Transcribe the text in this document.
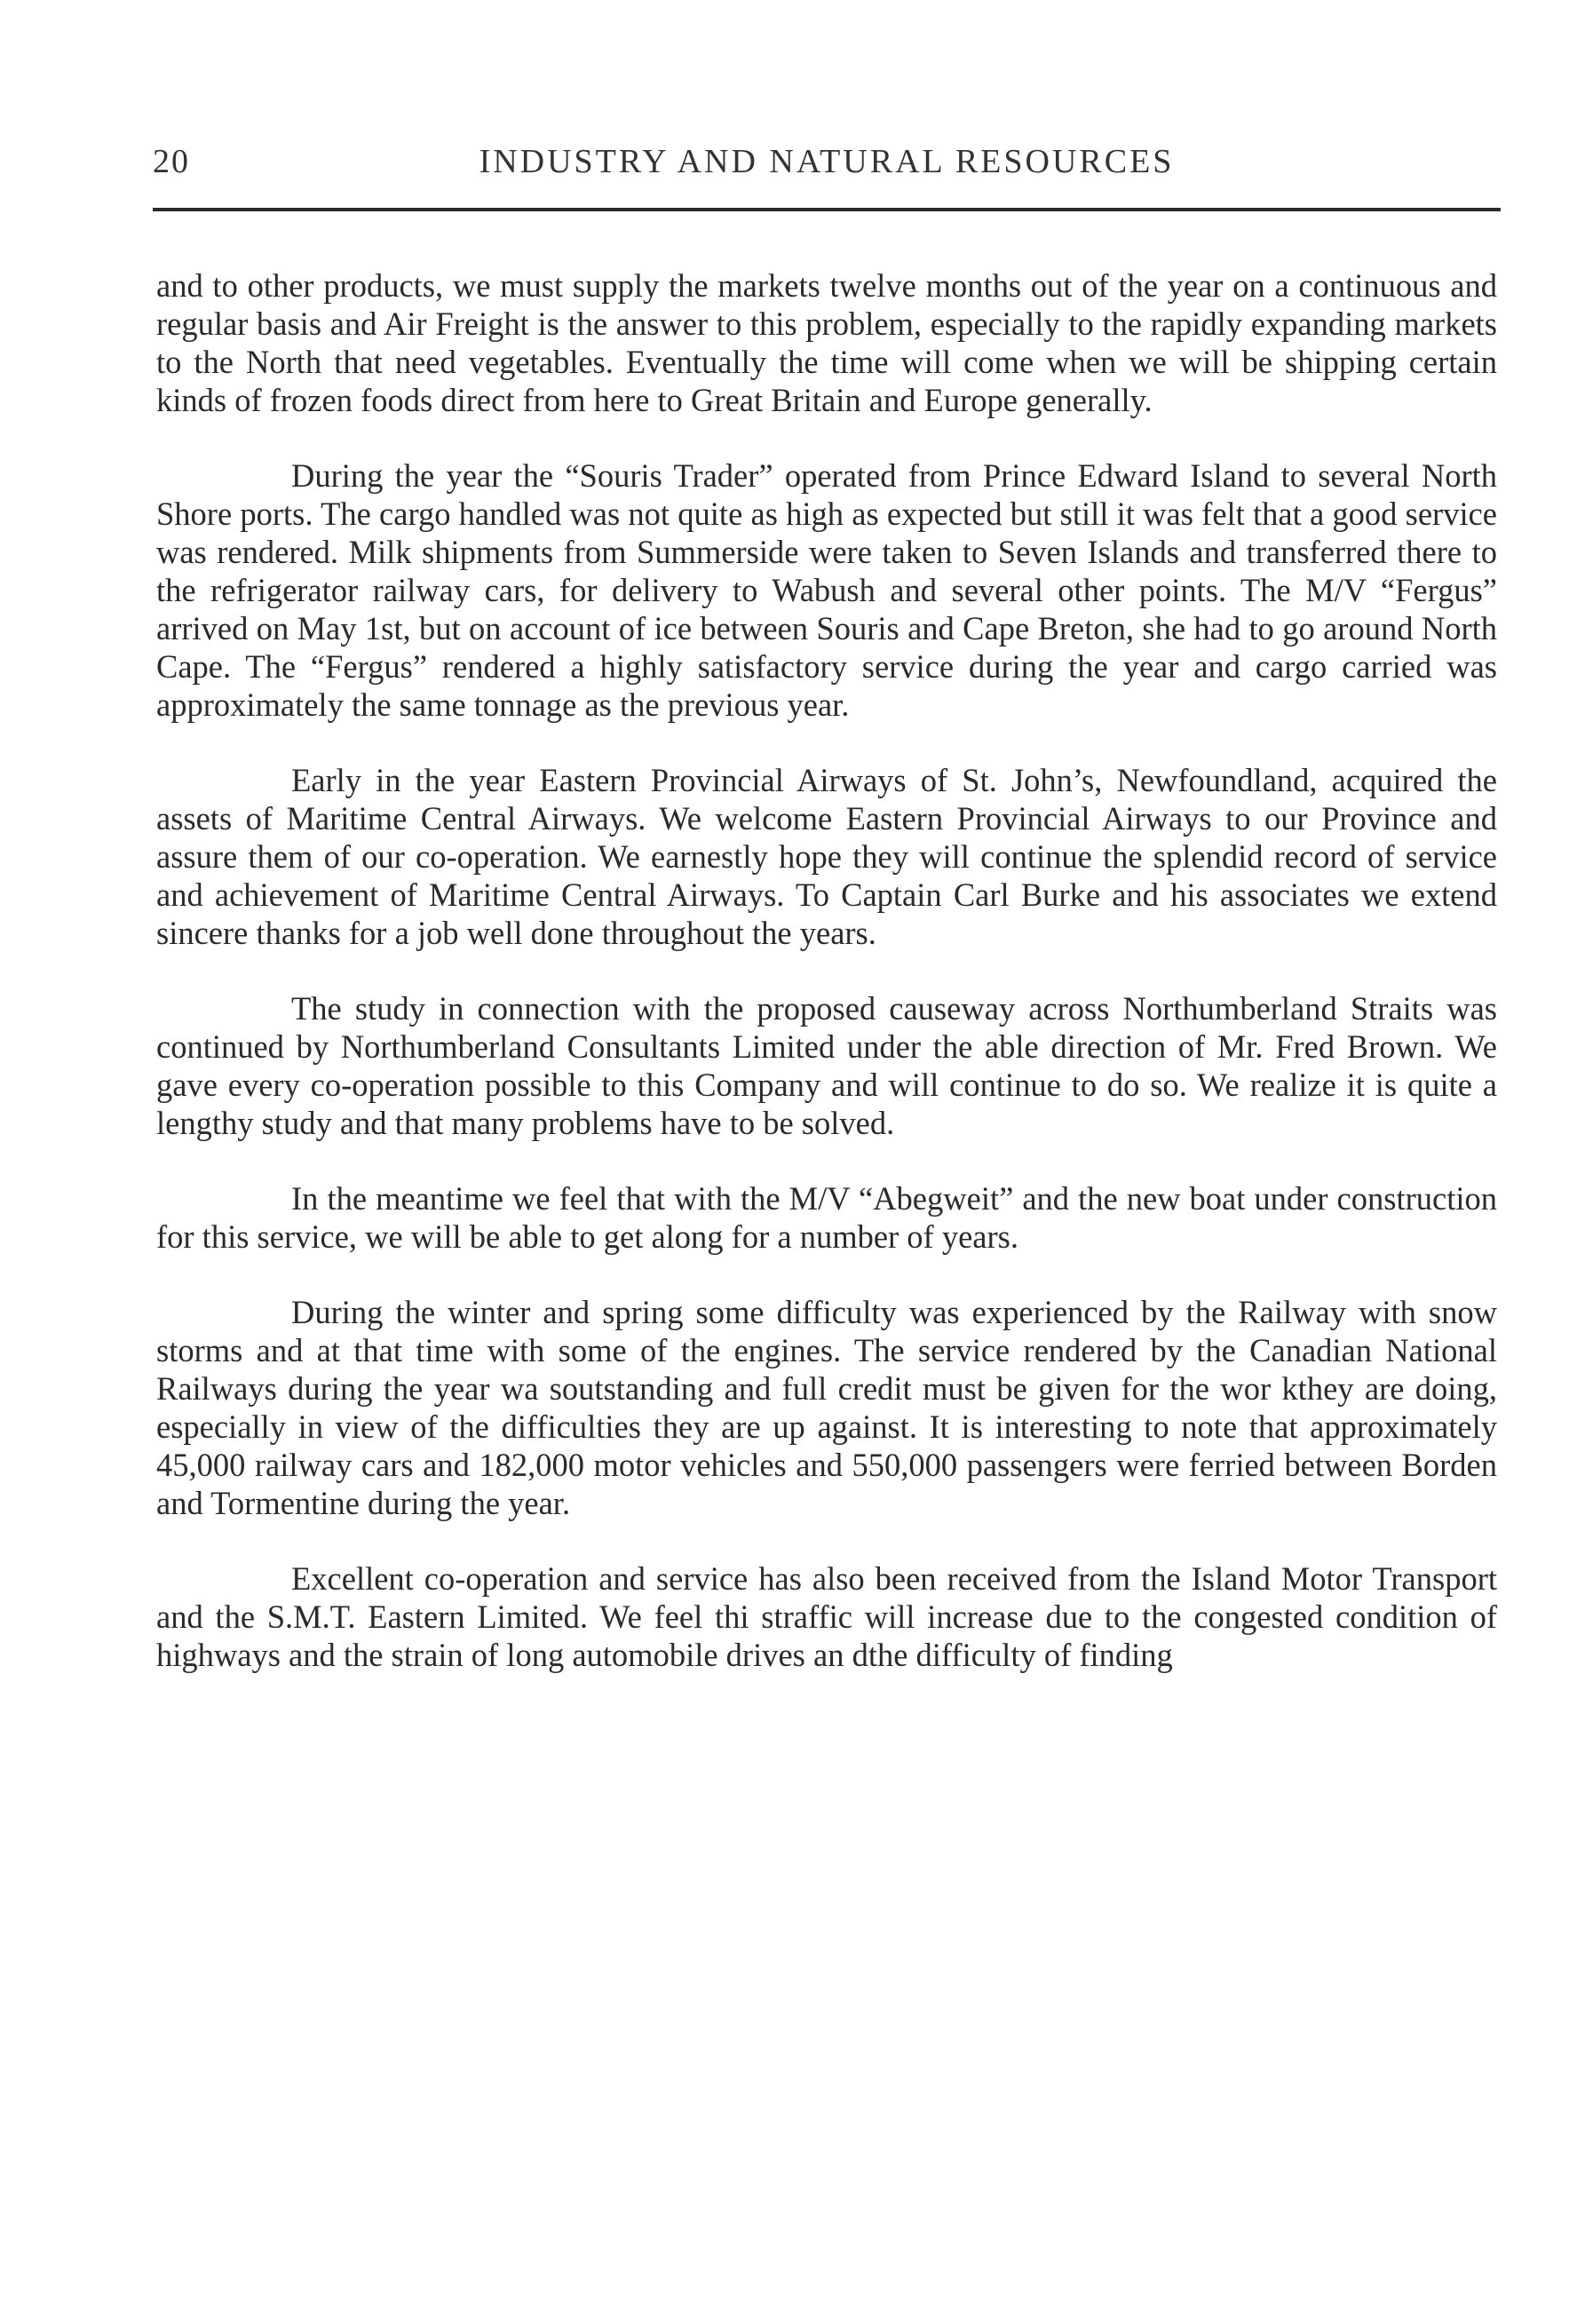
20	INDUSTRY AND NATURAL RESOURCES

and to other products, we must supply the markets twelve months out of the year on a continuous and regular basis and Air Freight is the answer to this problem, especially to the rapidly expanding markets to the North that need vegetables. Eventually the time will come when we will be shipping certain kinds of frozen foods direct from here to Great Britain and Europe generally.

During the year the “Souris Trader” operated from Prince Edward Island to several North Shore ports. The cargo handled was not quite as high as expected but still it was felt that a good service was rendered. Milk shipments from Summerside were taken to Seven Islands and transferred there to the refrigerator railway cars, for delivery to Wabush and several other points. The M/V “Fergus” arrived on May 1st, but on account of ice between Souris and Cape Breton, she had to go around North Cape. The “Fergus” rendered a highly satisfactory service during the year and cargo carried was approximately the same tonnage as the previous year.

Early in the year Eastern Provincial Airways of St. John’s, Newfoundland, acquired the assets of Maritime Central Airways. We welcome Eastern Provincial Airways to our Province and assure them of our co-operation. We earnestly hope they will continue the splendid record of service and achievement of Maritime Central Airways. To Captain Carl Burke and his associates we extend sincere thanks for a job well done throughout the years.

The study in connection with the proposed causeway across Northumberland Straits was continued by Northumberland Consultants Limited under the able direction of Mr. Fred Brown. We gave every co-operation possible to this Company and will continue to do so. We realize it is quite a lengthy study and that many problems have to be solved.

In the meantime we feel that with the M/V “Abegweit” and the new boat under construction for this service, we will be able to get along for a number of years.

During the winter and spring some difficulty was experienced by the Railway with snow storms and at that time with some of the engines. The service rendered by the Canadian National Railways during the year wa soutstanding and full credit must be given for the wor kthey are doing, especially in view of the difficulties they are up against. It is interesting to note that approximately 45,000 railway cars and 182,000 motor vehicles and 550,000 passengers were ferried between Borden and Tormentine during the year.

Excellent co-operation and service has also been received from the Island Motor Transport and the S.M.T. Eastern Limited. We feel thi straffic will increase due to the congested condition of highways and the strain of long automobile drives an dthe difficulty of finding
